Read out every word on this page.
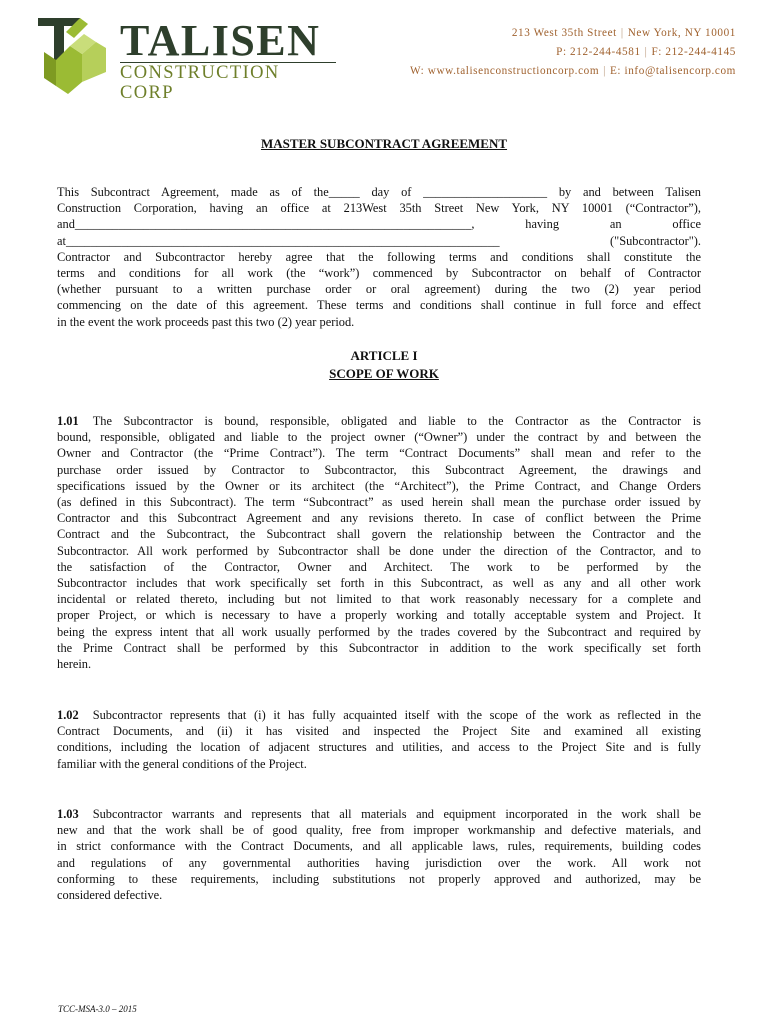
TALISEN
CONSTRUCTION CORP
213 West 35th Street | New York, NY 10001
P: 212-244-4581 | F: 212-244-4145
W: www.talisenconstructioncorp.com | E: info@talisencorp.com
MASTER SUBCONTRACT AGREEMENT
This Subcontract Agreement, made as of the_____ day of ____________________ by and between Talisen
Construction Corporation, having an office at 213West 35th Street New York, NY 10001 (“Contractor”),
and________________________________________________________________, having an office
at______________________________________________________________________ ("Subcontractor").
Contractor and Subcontractor hereby agree that the following terms and conditions shall constitute the
terms and conditions for all work (the “work”) commenced by Subcontractor on behalf of Contractor
(whether pursuant to a written purchase order or oral agreement) during the two (2) year period
commencing on the date of this agreement. These terms and conditions shall continue in full force and effect
in the event the work proceeds past this two (2) year period.
ARTICLE I
SCOPE OF WORK
1.01 The Subcontractor is bound, responsible, obligated and liable to the Contractor as the Contractor is
bound, responsible, obligated and liable to the project owner (“Owner”) under the contract by and between the
Owner and Contractor (the “Prime Contract”). The term “Contract Documents” shall mean and refer to the
purchase order issued by Contractor to Subcontractor, this Subcontract Agreement, the drawings and
specifications issued by the Owner or its architect (the “Architect”), the Prime Contract, and Change Orders
(as defined in this Subcontract). The term “Subcontract” as used herein shall mean the purchase order issued by
Contractor and this Subcontract Agreement and any revisions thereto. In case of conflict between the Prime
Contract and the Subcontract, the Subcontract shall govern the relationship between the Contractor and the
Subcontractor. All work performed by Subcontractor shall be done under the direction of the Contractor, and to
the satisfaction of the Contractor, Owner and Architect. The work to be performed by the
Subcontractor includes that work specifically set forth in this Subcontract, as well as any and all other work
incidental or related thereto, including but not limited to that work reasonably necessary for a complete and
proper Project, or which is necessary to have a properly working and totally acceptable system and Project. It
being the express intent that all work usually performed by the trades covered by the Subcontract and required by
the Prime Contract shall be performed by this Subcontractor in addition to the work specifically set forth
herein.
1.02 Subcontractor represents that (i) it has fully acquainted itself with the scope of the work as reflected in the
Contract Documents, and (ii) it has visited and inspected the Project Site and examined all existing
conditions, including the location of adjacent structures and utilities, and access to the Project Site and is fully
familiar with the general conditions of the Project.
1.03 Subcontractor warrants and represents that all materials and equipment incorporated in the work shall be
new and that the work shall be of good quality, free from improper workmanship and defective materials, and
in strict conformance with the Contract Documents, and all applicable laws, rules, requirements, building codes
and regulations of any governmental authorities having jurisdiction over the work. All work not
conforming to these requirements, including substitutions not properly approved and authorized, may be
considered defective.
TCC-MSA-3.0 – 2015
